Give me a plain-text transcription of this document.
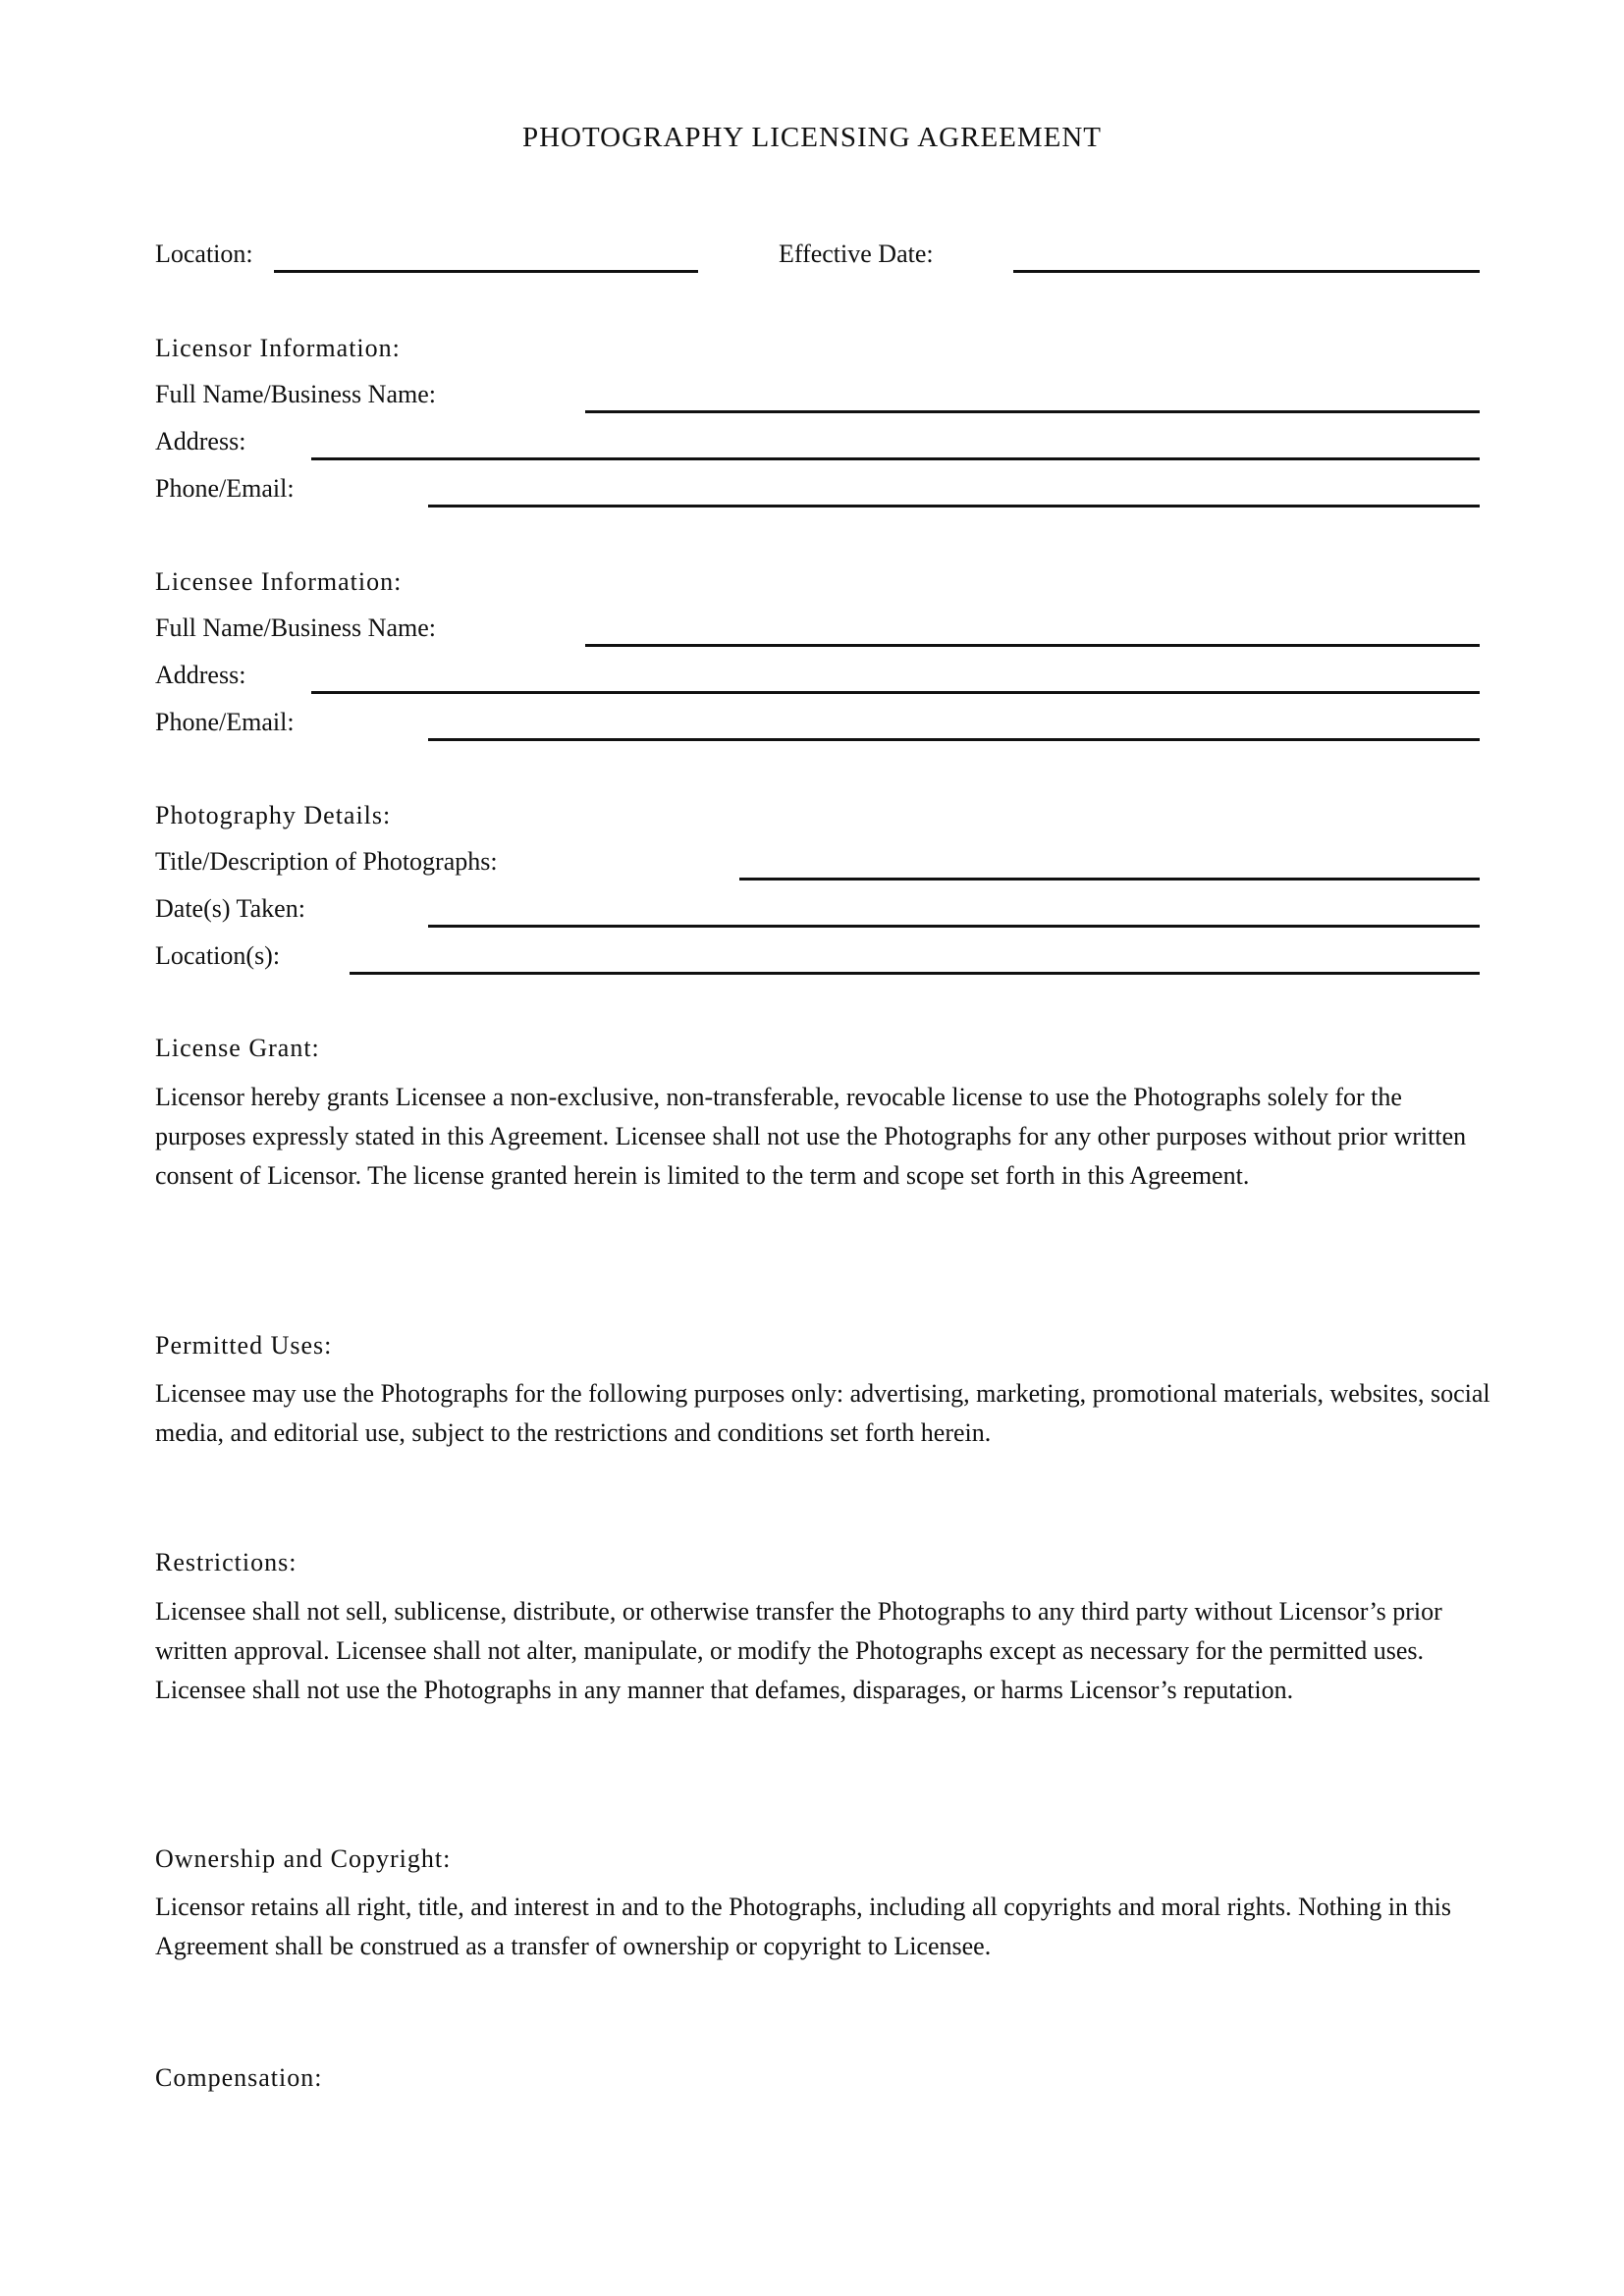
PHOTOGRAPHY LICENSING AGREEMENT
Location:	Effective Date:
Licensor Information:
Full Name/Business Name:
Address:
Phone/Email:
Licensee Information:
Full Name/Business Name:
Address:
Phone/Email:
Photography Details:
Title/Description of Photographs:
Date(s) Taken:
Location(s):
License Grant:

Licensor hereby grants Licensee a non-exclusive, non-transferable, revocable license to use the Photographs solely for the purposes expressly stated in this Agreement. Licensee shall not use the Photographs for any other purposes without prior written consent of Licensor. The license granted herein is limited to the term and scope set forth in this Agreement.

Permitted Uses:

Licensee may use the Photographs for the following purposes only: advertising, marketing, promotional materials, websites, social media, and editorial use, subject to the restrictions and conditions set forth herein.

Restrictions:

Licensee shall not sell, sublicense, distribute, or otherwise transfer the Photographs to any third party without Licensor’s prior written approval. Licensee shall not alter, manipulate, or modify the Photographs except as necessary for the permitted uses. Licensee shall not use the Photographs in any manner that defames, disparages, or harms Licensor’s reputation.

Ownership and Copyright:

Licensor retains all right, title, and interest in and to the Photographs, including all copyrights and moral rights. Nothing in this Agreement shall be construed as a transfer of ownership or copyright to Licensee.

Compensation:
